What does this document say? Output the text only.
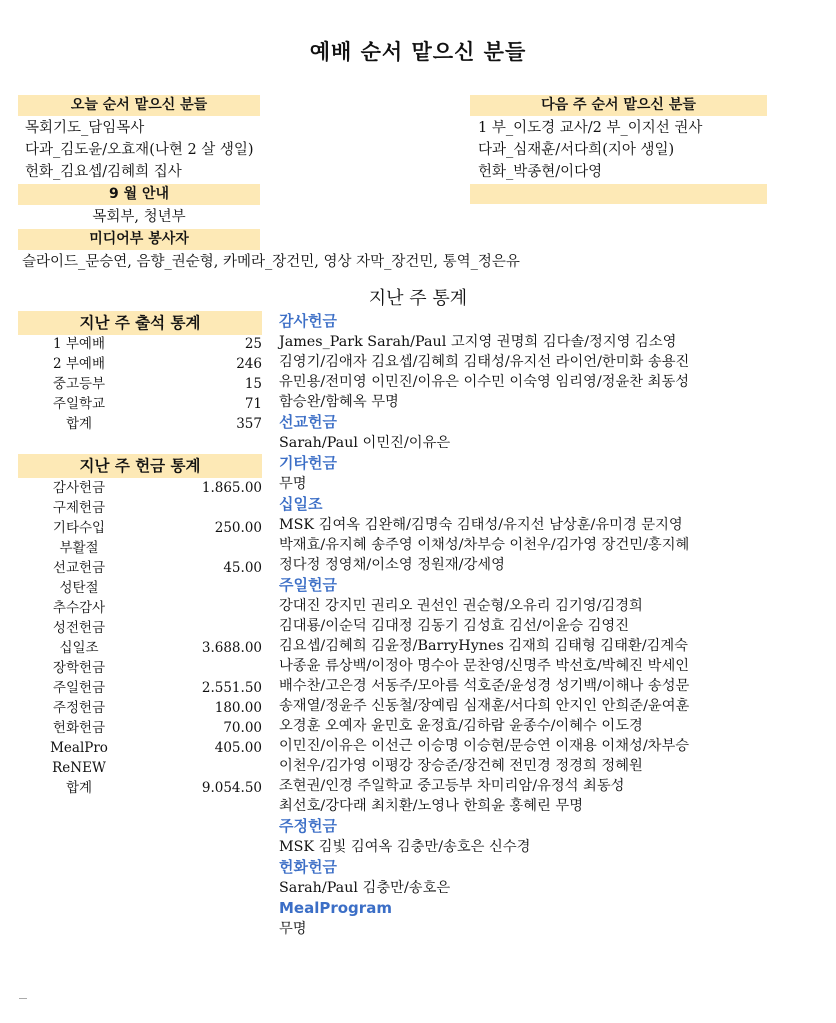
예배 순서 맡으신 분들
오늘 순서 맡으신 분들
목회기도_담임목사
다과_김도윤/오효재(나현 2 살 생일)
헌화_김요셉/김혜희 집사
9 월 안내
목회부, 청년부
미디어부 봉사자
슬라이드_문승연, 음향_권순형, 카메라_장건민, 영상 자막_장건민, 통역_정은유
다음 주 순서 맡으신 분들
1 부_이도경 교사/2 부_이지선 권사
다과_심재훈/서다희(지아 생일)
헌화_박종현/이다영
지난 주 통계
지난 주 출석 통계
1 부예배	25
2 부예배	246
중고등부	15
주일학교	71
합계	357
지난 주 헌금 통계
감사헌금	1.865.00
구제헌금
기타수입	250.00
부활절
선교헌금	45.00
성탄절
추수감사
성전헌금
십일조	3.688.00
장학헌금
주일헌금	2.551.50
주정헌금	180.00
헌화헌금	70.00
MealPro	405.00
ReNEW
합계	9.054.50
감사헌금
James_Park Sarah/Paul 고지영 권명희 김다솔/정지영 김소영
김영기/김애자 김요셉/김혜희 김태성/유지선 라이언/한미화 송용진
유민용/전미영 이민진/이유은 이수민 이숙영 임리영/정윤찬 최동성
함승완/함혜옥 무명
선교헌금
Sarah/Paul 이민진/이유은
기타헌금
무명
십일조
MSK 김여옥 김완해/김명숙 김태성/유지선 남상훈/유미경 문지영
박재효/유지혜 송주영 이채성/차부승 이천우/김가영 장건민/홍지혜
정다정 정영채/이소영 정원재/강세영
주일헌금
강대진 강지민 권리오 권선인 권순형/오유리 김기영/김경희
김대룡/이순덕 김대정 김동기 김성효 김선/이윤승 김영진
김요셉/김혜희 김윤정/BarryHynes 김재희 김태형 김태환/김계숙
나종윤 류상백/이정아 명수아 문찬영/신명주 박선호/박혜진 박세인
배수찬/고은경 서동주/모아름 석호준/윤성경 성기백/이해나 송성문
송재열/정윤주 신동철/장예림 심재훈/서다희 안지인 안희준/윤여훈
오경훈 오예자 윤민호 윤정효/김하람 윤종수/이혜수 이도경
이민진/이유은 이선근 이승명 이승현/문승연 이재용 이채성/차부승
이천우/김가영 이평강 장승준/장건혜 전민경 정경희 정혜원
조현권/인경 주일학교 중고등부 차미리암/유정석 최동성
최선호/강다래 최치환/노영나 한희윤 홍혜린 무명
주정헌금
MSK 김빛 김여옥 김충만/송호은 신수경
헌화헌금
Sarah/Paul 김충만/송호은
MealProgram
무명
